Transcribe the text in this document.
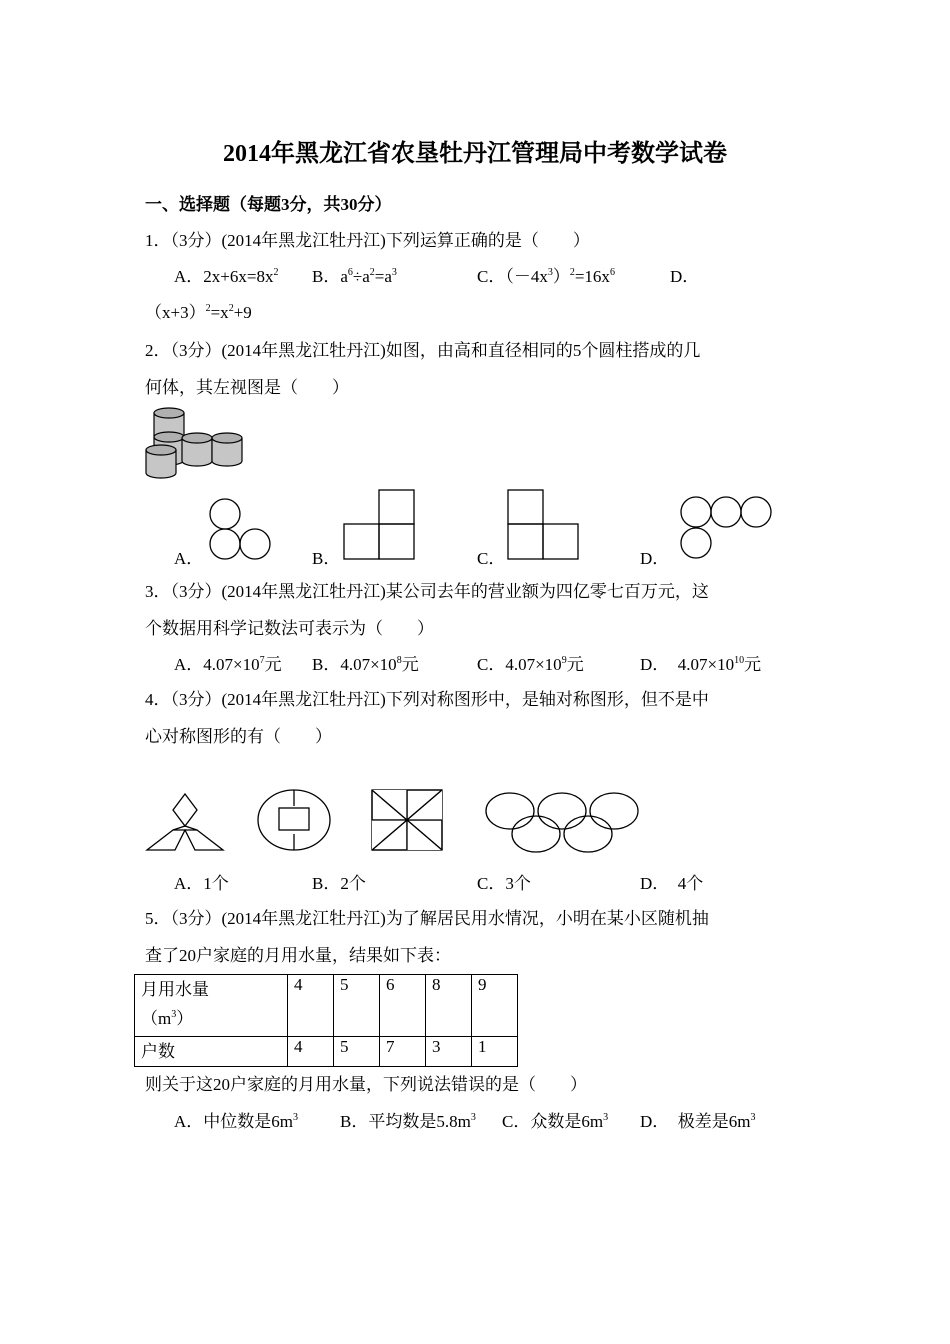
2014年黑龙江省农垦牡丹江管理局中考数学试卷
一、选择题（每题3分，共30分）
1．（3分）(2014年黑龙江牡丹江)下列运算正确的是（　　）
A．$2x+6x=8x^2$ B．$a^6\div a^2=a^3$	C．$(-4x^3)^2=16x^6$	D．
$(x+3)^2=x^2+9$
2．（3分）(2014年黑龙江牡丹江)如图，由高和直径相同的5个圆柱搭成的几
何体，其左视图是（　　）
A．	B．	C．	D．
3．（3分）(2014年黑龙江牡丹江)某公司去年的营业额为四亿零七百万元，这
个数据用科学记数法可表示为（　　）
A．$4.07\times 10^7$元 B．$4.07\times 10^8$元	C．$4.07\times 10^9$元	D． $4.07\times 10^{10}$元
4．（3分）(2014年黑龙江牡丹江)下列对称图形中，是轴对称图形，但不是中
心对称图形的有（　　）
A．1个	B．2个	C．3个	D．　4个
5．（3分）(2014年黑龙江牡丹江)为了解居民用水情况，小明在某小区随机抽
查了20户家庭的月用水量，结果如下表：
月用水量
$(m^3)$	4	5	6	8	9
户数	4	5	7	3	1
则关于这20户家庭的月用水量，下列说法错误的是（　　）
A．中位数是$6m^3$ B．平均数是$5.8m^3$ C．众数是$6m^3$ D． 极差是$6m^3$
